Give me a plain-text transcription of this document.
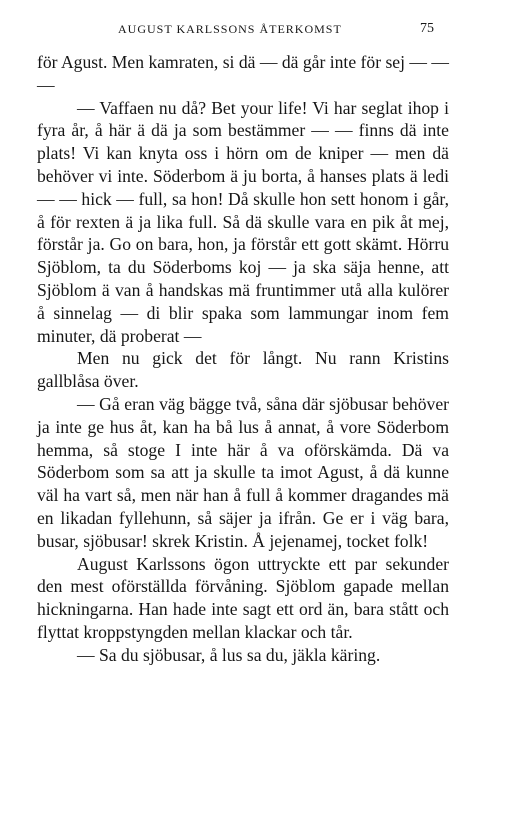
AUGUST KARLSSONS ÅTERKOMST	75

för Agust. Men kamraten, si dä — dä går inte för sej — — —

— Vaffaen nu då? Bet your life! Vi har seglat ihop i fyra år, å här ä dä ja som bestämmer — — finns dä inte plats! Vi kan knyta oss i hörn om de kniper — men dä behöver vi inte. Söderbom ä ju borta, å hanses plats ä ledi — — hick — full, sa hon! Då skulle hon sett honom i går, å för rexten ä ja lika full. Så dä skulle vara en pik åt mej, förstår ja. Go on bara, hon, ja förstår ett gott skämt. Hörru Sjöblom, ta du Söderboms koj — ja ska säja henne, att Sjöblom ä van å handskas mä fruntimmer utå alla kulörer å sinnelag — di blir spaka som lammungar inom fem minuter, dä proberat —

Men nu gick det för långt. Nu rann Kristins gallblåsa över.

— Gå eran väg bägge två, såna där sjöbusar behöver ja inte ge hus åt, kan ha bå lus å annat, å vore Söderbom hemma, så stoge I inte här å va oförskämda. Dä va Söderbom som sa att ja skulle ta imot Agust, å dä kunne väl ha vart så, men när han å full å kommer dragandes mä en likadan fyllehunn, så säjer ja ifrån. Ge er i väg bara, busar, sjöbusar! skrek Kristin. Å jejenamej, tocket folk!

August Karlssons ögon uttryckte ett par sekunder den mest oförställda förvåning. Sjöblom gapade mellan hickningarna. Han hade inte sagt ett ord än, bara stått och flyttat kroppstyngden mellan klackar och tår.

— Sa du sjöbusar, å lus sa du, jäkla käring.
